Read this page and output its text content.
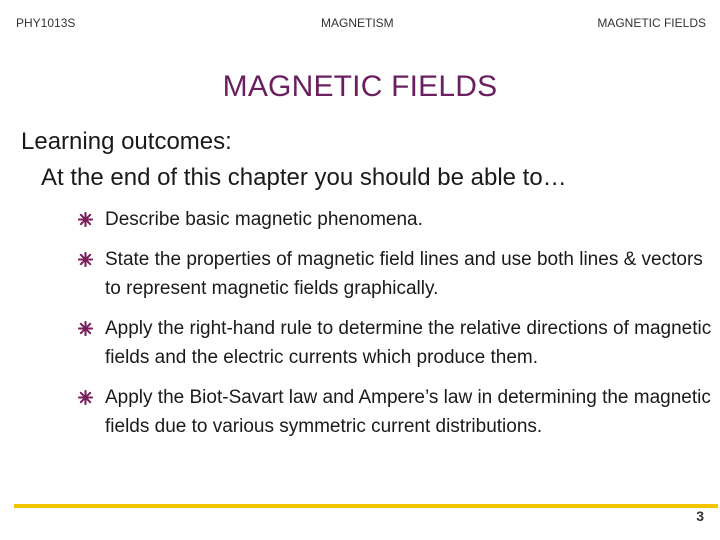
PHY1013S	MAGNETISM	MAGNETIC FIELDS
MAGNETIC FIELDS
Learning outcomes:
At the end of this chapter you should be able to…
Describe basic magnetic phenomena.
State the properties of magnetic field lines and use both lines & vectors to represent magnetic fields graphically.
Apply the right-hand rule to determine the relative directions of magnetic fields and the electric currents which produce them.
Apply the Biot-Savart law and Ampere’s law in determining the magnetic fields due to various symmetric current distributions.
3
